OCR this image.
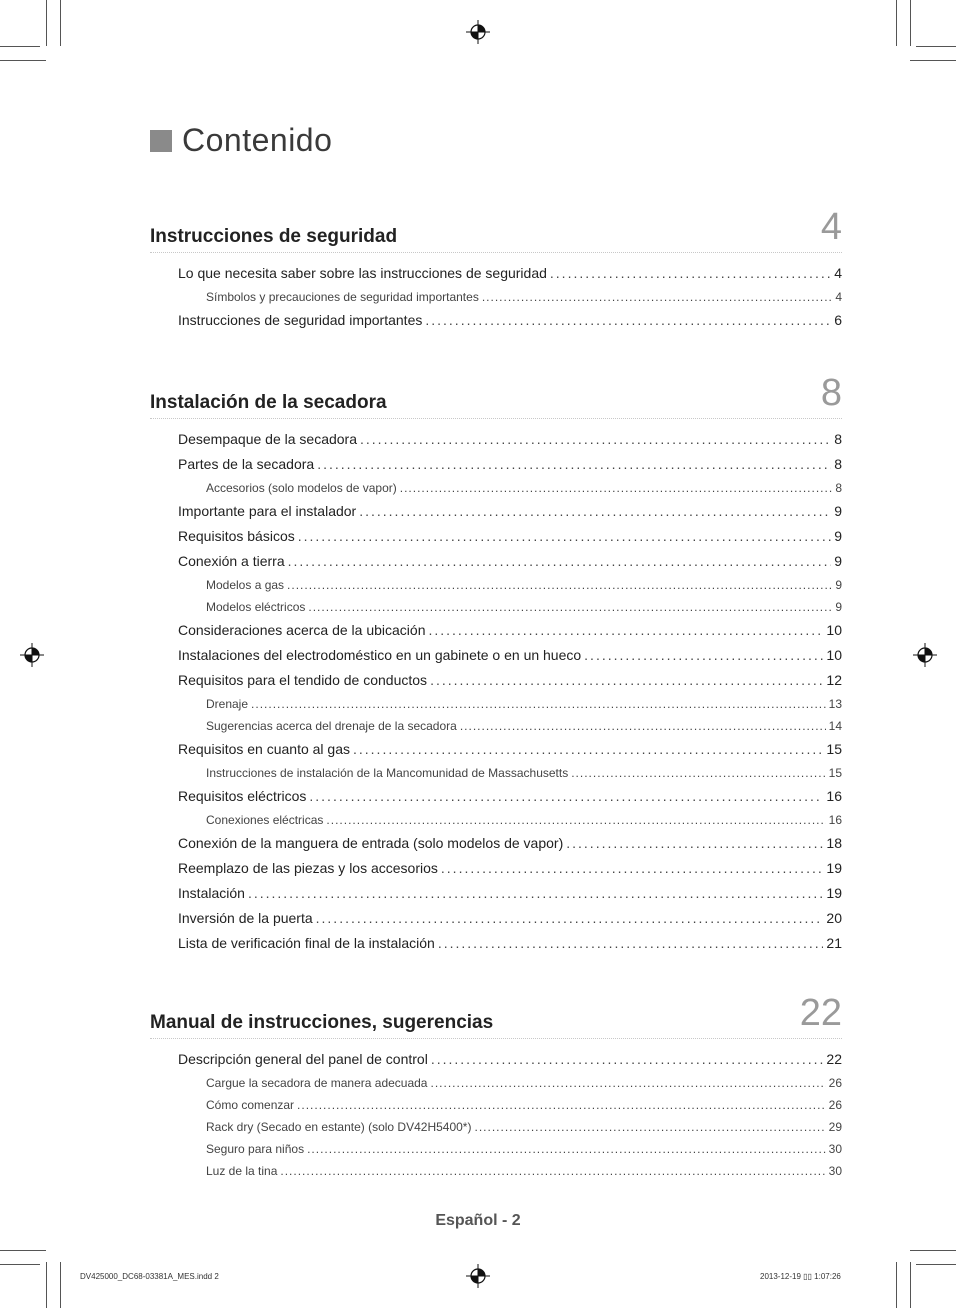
Contenido
Instrucciones de seguridad	4
Lo que necesita saber sobre las instrucciones de seguridad .....	4
Símbolos y precauciones de seguridad importantes .....	4
Instrucciones de seguridad importantes .....	6
Instalación de la secadora	8
Desempaque de la secadora .....	8
Partes de la secadora .....	8
Accesorios (solo modelos de vapor) .....	8
Importante para el instalador .....	9
Requisitos básicos .....	9
Conexión a tierra .....	9
Modelos a gas .....	9
Modelos eléctricos .....	9
Consideraciones acerca de la ubicación .....	10
Instalaciones del electrodoméstico en un gabinete o en un hueco .....	10
Requisitos para el tendido de conductos .....	12
Drenaje .....	13
Sugerencias acerca del drenaje de la secadora .....	14
Requisitos en cuanto al gas .....	15
Instrucciones de instalación de la Mancomunidad de Massachusetts .....	15
Requisitos eléctricos .....	16
Conexiones eléctricas .....	16
Conexión de la manguera de entrada (solo modelos de vapor) .....	18
Reemplazo de las piezas y los accesorios .....	19
Instalación .....	19
Inversión de la puerta .....	20
Lista de verificación final de la instalación .....	21
Manual de instrucciones, sugerencias	22
Descripción general del panel de control .....	22
Cargue la secadora de manera adecuada .....	26
Cómo comenzar .....	26
Rack dry (Secado en estante) (solo DV42H5400*) .....	29
Seguro para niños .....	30
Luz de la tina .....	30
Español - 2
DV425000_DC68-03381A_MES.indd 2	2013-12-19 ▯▯ 1:07:26
